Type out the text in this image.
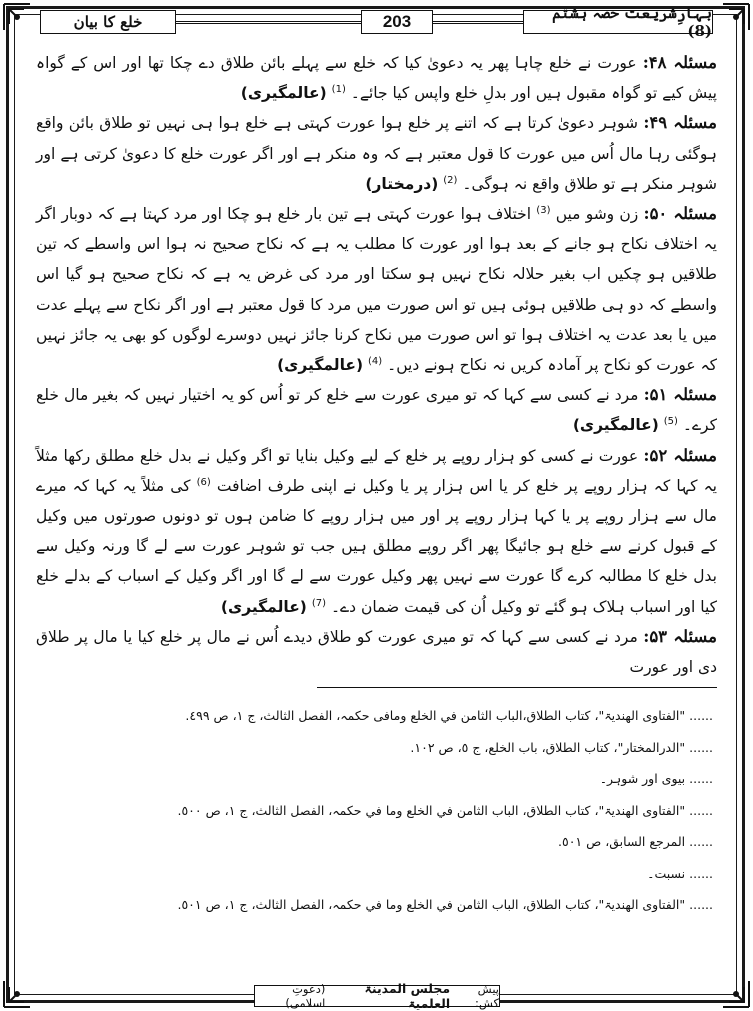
بہارِشریعت حصہ ہشتم (8)
203
خلع کا بیان

مسئلہ ۴۸: عورت نے خلع چاہا پھر یہ دعویٰ کیا کہ خلع سے پہلے بائن طلاق دے چکا تھا اور اس کے گواہ پیش کیے تو گواہ مقبول ہیں اور بدلِ خلع واپس کیا جائے۔ $^{(1)}$ (عالمگیری)

مسئلہ ۴۹: شوہر دعویٰ کرتا ہے کہ اتنے پر خلع ہوا عورت کہتی ہے خلع ہوا ہی نہیں تو طلاق بائن واقع ہوگئی رہا مال اُس میں عورت کا قول معتبر ہے کہ وہ منکر ہے اور اگر عورت خلع کا دعویٰ کرتی ہے اور شوہر منکر ہے تو طلاق واقع نہ ہوگی۔ $^{(2)}$ (درمختار)

مسئلہ ۵۰: زن وشو میں $^{(3)}$ اختلاف ہوا عورت کہتی ہے تین بار خلع ہو چکا اور مرد کہتا ہے کہ دوبار اگر یہ اختلاف نکاح ہو جانے کے بعد ہوا اور عورت کا مطلب یہ ہے کہ نکاح صحیح نہ ہوا اس واسطے کہ تین طلاقیں ہو چکیں اب بغیر حلالہ نکاح نہیں ہو سکتا اور مرد کی غرض یہ ہے کہ نکاح صحیح ہو گیا اس واسطے کہ دو ہی طلاقیں ہوئی ہیں تو اس صورت میں مرد کا قول معتبر ہے اور اگر نکاح سے پہلے عدت میں یا بعد عدت یہ اختلاف ہوا تو اس صورت میں نکاح کرنا جائز نہیں دوسرے لوگوں کو بھی یہ جائز نہیں کہ عورت کو نکاح پر آمادہ کریں نہ نکاح ہونے دیں۔ $^{(4)}$ (عالمگیری)

مسئلہ ۵۱: مرد نے کسی سے کہا کہ تو میری عورت سے خلع کر تو اُس کو یہ اختیار نہیں کہ بغیر مال خلع کرے۔ $^{(5)}$ (عالمگیری)

مسئلہ ۵۲: عورت نے کسی کو ہزار روپے پر خلع کے لیے وکیل بنایا تو اگر وکیل نے بدل خلع مطلق رکھا مثلاً یہ کہا کہ ہزار روپے پر خلع کر یا اس ہزار پر یا وکیل نے اپنی طرف اضافت $^{(6)}$ کی مثلاً یہ کہا کہ میرے مال سے ہزار روپے پر یا کہا ہزار روپے پر اور میں ہزار روپے کا ضامن ہوں تو دونوں صورتوں میں وکیل کے قبول کرنے سے خلع ہو جائیگا پھر اگر روپے مطلق ہیں جب تو شوہر عورت سے لے گا ورنہ وکیل سے بدل خلع کا مطالبہ کرے گا عورت سے نہیں پھر وکیل عورت سے لے گا اور اگر وکیل کے اسباب کے بدلے خلع کیا اور اسباب ہلاک ہو گئے تو وکیل اُن کی قیمت ضمان دے۔ $^{(7)}$ (عالمگیری)

مسئلہ ۵۳: مرد نے کسی سے کہا کہ تو میری عورت کو طلاق دیدے اُس نے مال پر خلع کیا یا مال پر طلاق دی اور عورت

......"الفتاوی الھندیۃ"، کتاب الطلاق،الباب الثامن في الخلع ومافی حکمہ، الفصل الثالث، ج ١، ص ٤٩٩.
......"الدرالمختار"، کتاب الطلاق، باب الخلع، ج ٥، ص ١٠٢.
......بیوی اور شوہر۔
......"الفتاوی الھندیۃ"، کتاب الطلاق، الباب الثامن في الخلع وما في حکمہ، الفصل الثالث، ج ١، ص ٥٠٠.
......المرجع السابق، ص ٥٠١.
......نسبت۔
......"الفتاوی الھندیۃ"، کتاب الطلاق، الباب الثامن في الخلع وما في حکمہ، الفصل الثالث، ج ١، ص ٥٠١.
پیش کش:
مجلس المدینۃ العلمیۃ
(دعوتِ اسلامی)
